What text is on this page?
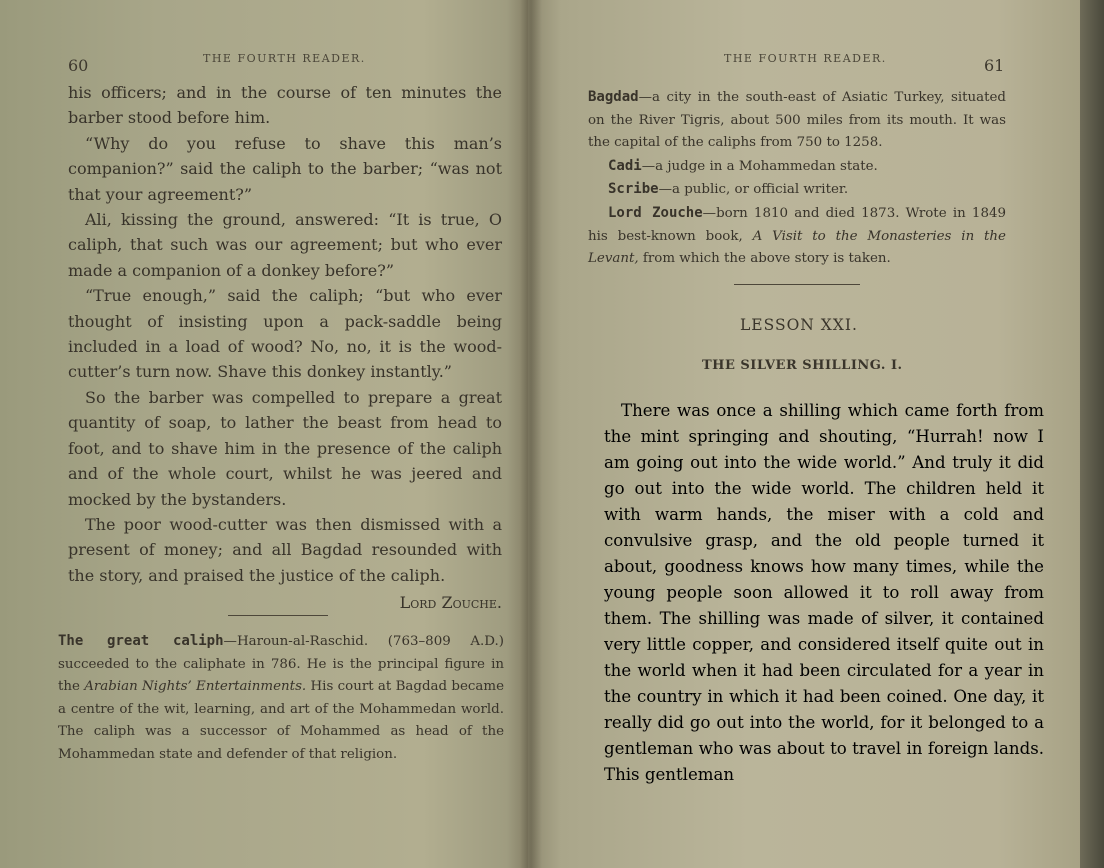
60	THE FOURTH READER.

his officers; and in the course of ten minutes the barber stood before him.

“Why do you refuse to shave this man’s companion?” said the caliph to the barber; “was not that your agreement?”

Ali, kissing the ground, answered: “It is true, O caliph, that such was our agreement; but who ever made a companion of a donkey before?”

“True enough,” said the caliph; “but who ever thought of insisting upon a pack-saddle being included in a load of wood? No, no, it is the wood-cutter’s turn now. Shave this donkey instantly.”

So the barber was compelled to prepare a great quantity of soap, to lather the beast from head to foot, and to shave him in the presence of the caliph and of the whole court, whilst he was jeered and mocked by the bystanders.

The poor wood-cutter was then dismissed with a present of money; and all Bagdad resounded with the story, and praised the justice of the caliph.

Lord Zouche.

The great caliph—Haroun-al-Raschid. (763–809 A.D.) succeeded to the caliphate in 786. He is the principal figure in the Arabian Nights’ Entertainments. His court at Bagdad became a centre of the wit, learning, and art of the Mohammedan world. The caliph was a successor of Mohammed as head of the Mohammedan state and defender of that religion.

THE FOURTH READER.	61

Bagdad—a city in the south-east of Asiatic Turkey, situated on the River Tigris, about 500 miles from its mouth. It was the capital of the caliphs from 750 to 1258.

Cadi—a judge in a Mohammedan state.

Scribe—a public, or official writer.

Lord Zouche—born 1810 and died 1873. Wrote in 1849 his best-known book, A Visit to the Monasteries in the Levant, from which the above story is taken.

LESSON XXI.
THE SILVER SHILLING. I.

There was once a shilling which came forth from the mint springing and shouting, “Hurrah! now I am going out into the wide world.” And truly it did go out into the wide world. The children held it with warm hands, the miser with a cold and convulsive grasp, and the old people turned it about, goodness knows how many times, while the young people soon allowed it to roll away from them. The shilling was made of silver, it contained very little copper, and considered itself quite out in the world when it had been circulated for a year in the country in which it had been coined. One day, it really did go out into the world, for it belonged to a gentleman who was about to travel in foreign lands. This gentleman
